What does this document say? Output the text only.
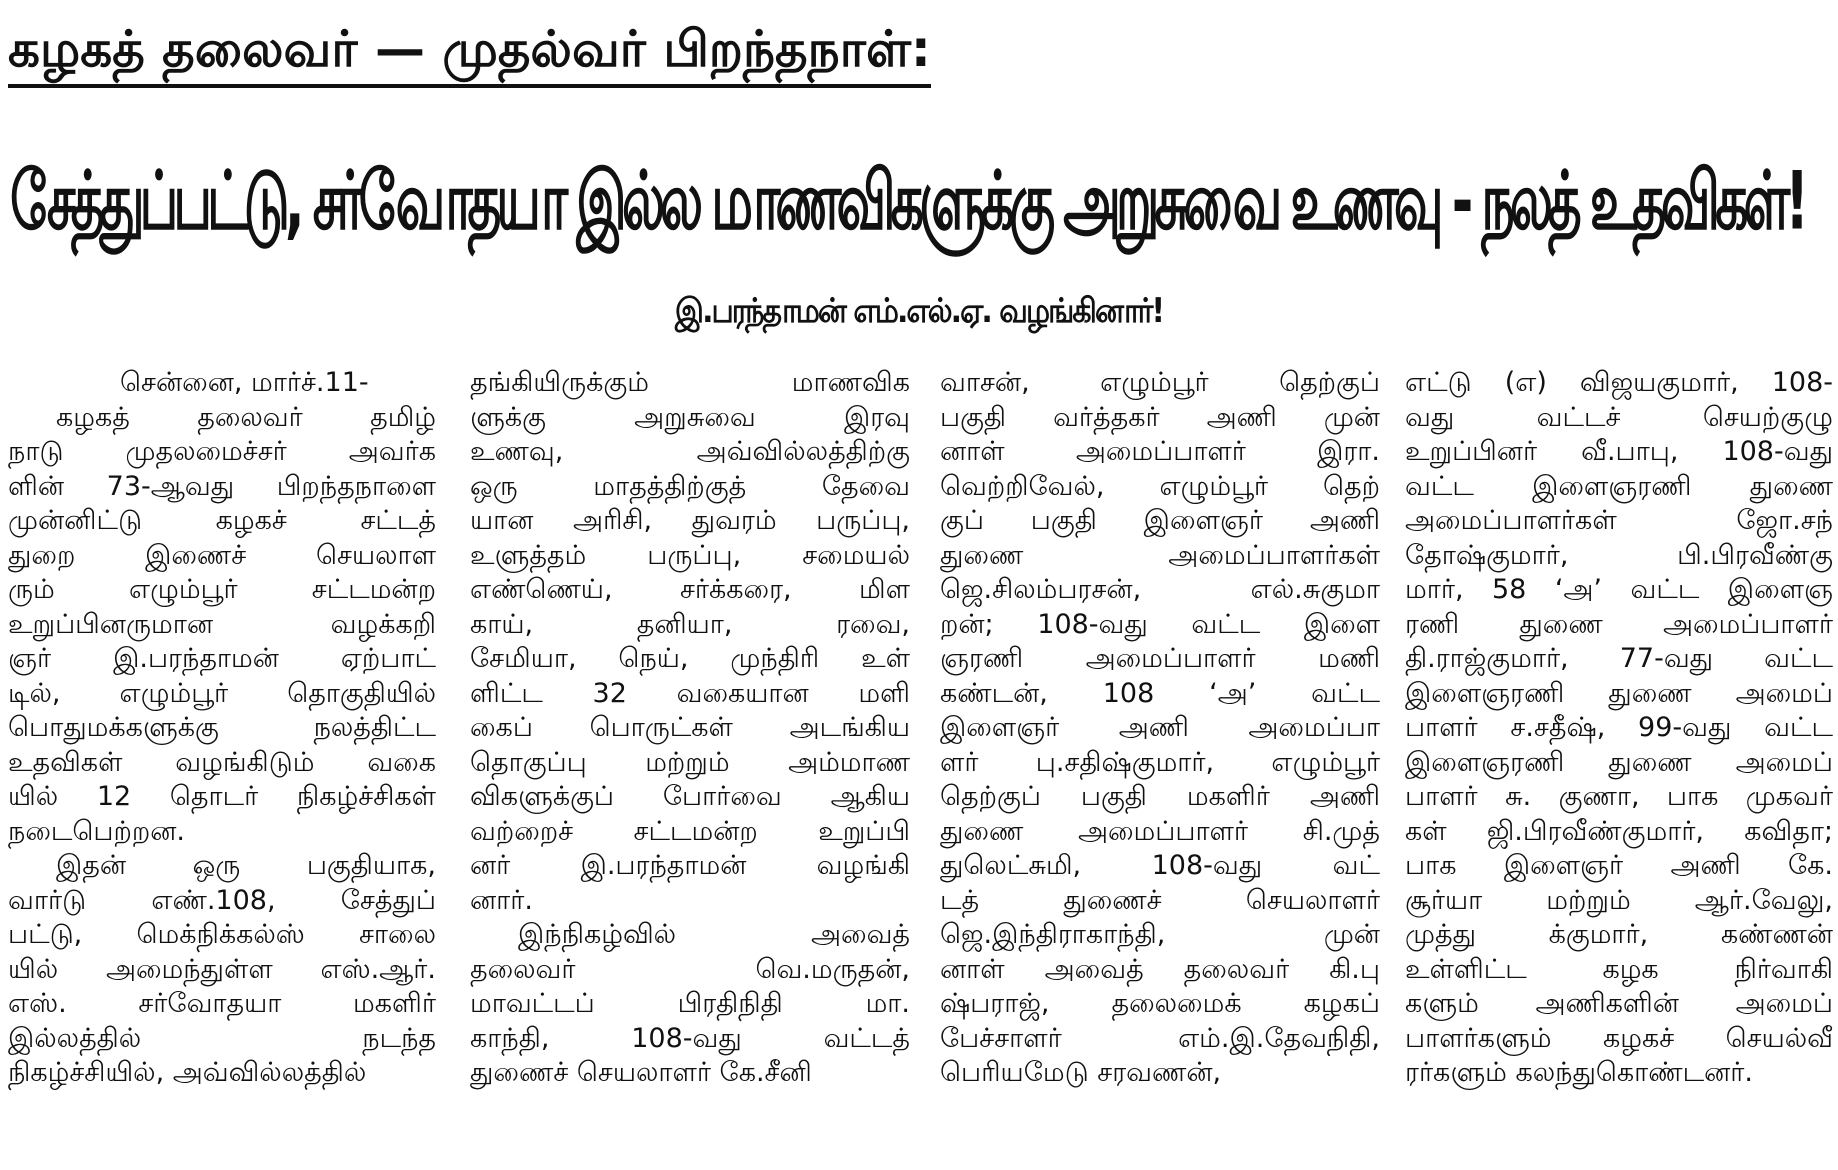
கழகத் தலைவர் — முதல்வர் பிறந்தநாள்:
சேத்துப்பட்டு, சர்வோதயா இல்ல மாணவிகளுக்கு அறுசுவை உணவு - நலத் உதவிகள்!
இ.பரந்தாமன் எம்.எல்.ஏ. வழங்கினார்!
சென்னை, மார்ச்.11-
கழகத் தலைவர் தமிழ்
நாடு முதலமைச்சர் அவர்க
ளின் 73-ஆவது பிறந்தநாளை
முன்னிட்டு கழகச் சட்டத்
துறை இணைச் செயலாள
ரும் எழும்பூர் சட்டமன்ற
உறுப்பினருமான வழக்கறி
ஞர் இ.பரந்தாமன் ஏற்பாட்
டில், எழும்பூர் தொகுதியில்
பொதுமக்களுக்கு நலத்திட்ட
உதவிகள் வழங்கிடும் வகை
யில் 12 தொடர் நிகழ்ச்சிகள்
நடைபெற்றன.
இதன் ஒரு பகுதியாக,
வார்டு எண்.108, சேத்துப்
பட்டு, மெக்நிக்கல்ஸ் சாலை
யில் அமைந்துள்ள எஸ்.ஆர்.
எஸ். சர்வோதயா மகளிர்
இல்லத்தில் நடந்த
நிகழ்ச்சியில், அவ்வில்லத்தில்
தங்கியிருக்கும் மாணவிக
ளுக்கு அறுசுவை இரவு
உணவு, அவ்வில்லத்திற்கு
ஒரு மாதத்திற்குத் தேவை
யான அரிசி, துவரம் பருப்பு,
உளுத்தம் பருப்பு, சமையல்
எண்ணெய், சர்க்கரை, மிள
காய், தனியா, ரவை,
சேமியா, நெய், முந்திரி உள்
ளிட்ட 32 வகையான மளி
கைப் பொருட்கள் அடங்கிய
தொகுப்பு மற்றும் அம்மாண
விகளுக்குப் போர்வை ஆகிய
வற்றைச் சட்டமன்ற உறுப்பி
னர் இ.பரந்தாமன் வழங்கி
னார்.
இந்நிகழ்வில் அவைத்
தலைவர் வெ.மருதன்,
மாவட்டப் பிரதிநிதி மா.
காந்தி, 108-வது வட்டத்
துணைச் செயலாளர் கே.சீனி
வாசன், எழும்பூர் தெற்குப்
பகுதி வர்த்தகர் அணி முன்
னாள் அமைப்பாளர் இரா.
வெற்றிவேல், எழும்பூர் தெற்
குப் பகுதி இளைஞர் அணி
துணை அமைப்பாளர்கள்
ஜெ.சிலம்பரசன், எல்.சுகுமா
றன்; 108-வது வட்ட இளை
ஞரணி அமைப்பாளர் மணி
கண்டன், 108 ‘அ’ வட்ட
இளைஞர் அணி அமைப்பா
ளர் பு.சதிஷ்குமார், எழும்பூர்
தெற்குப் பகுதி மகளிர் அணி
துணை அமைப்பாளர் சி.முத்
துலெட்சுமி, 108-வது வட்
டத் துணைச் செயலாளர்
ஜெ.இந்திராகாந்தி, முன்
னாள் அவைத் தலைவர் கி.பு
ஷ்பராஜ், தலைமைக் கழகப்
பேச்சாளர் எம்.இ.தேவநிதி,
பெரியமேடு சரவணன்,
எட்டு (எ) விஜயகுமார், 108-
வது வட்டச் செயற்குழு
உறுப்பினர் வீ.பாபு, 108-வது
வட்ட இளைஞரணி துணை
அமைப்பாளர்கள் ஜோ.சந்
தோஷ்குமார், பி.பிரவீண்கு
மார், 58 ‘அ’ வட்ட இளைஞ
ரணி துணை அமைப்பாளர்
தி.ராஜ்குமார், 77-வது வட்ட
இளைஞரணி துணை அமைப்
பாளர் ச.சதீஷ், 99-வது வட்ட
இளைஞரணி துணை அமைப்
பாளர் சு. குணா, பாக முகவர்
கள் ஜி.பிரவீண்குமார், கவிதா;
பாக இளைஞர் அணி கே.
சூர்யா மற்றும் ஆர்.வேலு,
முத்து க்குமார், கண்ணன்
உள்ளிட்ட கழக நிர்வாகி
களும் அணிகளின் அமைப்
பாளர்களும் கழகச் செயல்வீ
ரர்களும் கலந்துகொண்டனர்.
